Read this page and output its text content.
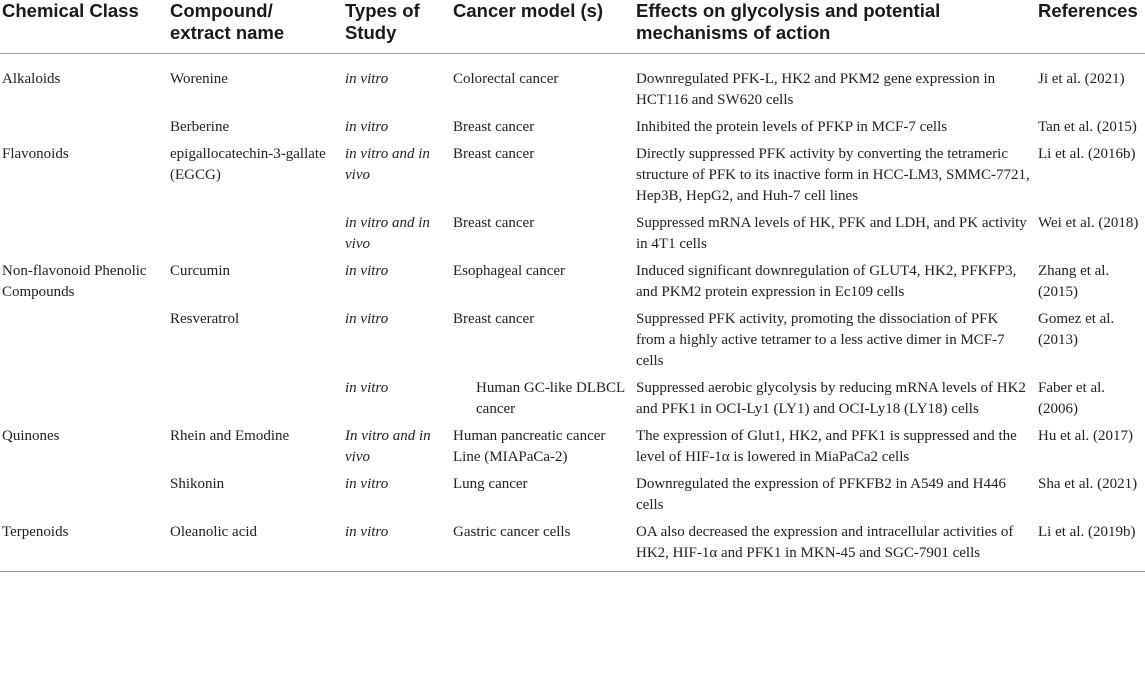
Chemical Class	Compound/ extract name	Types of Study	Cancer model (s)	Effects on glycolysis and potential mechanisms of action	References
Alkaloids	Worenine	in vitro	Colorectal cancer	Downregulated PFK-L, HK2 and PKM2 gene expression in HCT116 and SW620 cells	Ji et al. (2021)
	Berberine	in vitro	Breast cancer	Inhibited the protein levels of PFKP in MCF-7 cells	Tan et al. (2015)
Flavonoids	epigallocatechin-3-gallate (EGCG)	in vitro and in vivo	Breast cancer	Directly suppressed PFK activity by converting the tetrameric structure of PFK to its inactive form in HCC-LM3, SMMC-7721, Hep3B, HepG2, and Huh-7 cell lines	Li et al. (2016b)
		in vitro and in vivo	Breast cancer	Suppressed mRNA levels of HK, PFK and LDH, and PK activity in 4T1 cells	Wei et al. (2018)
Non-flavonoid Phenolic Compounds	Curcumin	in vitro	Esophageal cancer	Induced significant downregulation of GLUT4, HK2, PFKFP3, and PKM2 protein expression in Ec109 cells	Zhang et al. (2015)
	Resveratrol	in vitro	Breast cancer	Suppressed PFK activity, promoting the dissociation of PFK from a highly active tetramer to a less active dimer in MCF-7 cells	Gomez et al. (2013)
		in vitro	Human GC-like DLBCL cancer	Suppressed aerobic glycolysis by reducing mRNA levels of HK2 and PFK1 in OCI-Ly1 (LY1) and OCI-Ly18 (LY18) cells	Faber et al. (2006)
Quinones	Rhein and Emodine	In vitro and in vivo	Human pancreatic cancer Line (MIAPaCa-2)	The expression of Glut1, HK2, and PFK1 is suppressed and the level of HIF-1α is lowered in MiaPaCa2 cells	Hu et al. (2017)
	Shikonin	in vitro	Lung cancer	Downregulated the expression of PFKFB2 in A549 and H446 cells	Sha et al. (2021)
Terpenoids	Oleanolic acid	in vitro	Gastric cancer cells	OA also decreased the expression and intracellular activities of HK2, HIF-1α and PFK1 in MKN-45 and SGC-7901 cells	Li et al. (2019b)
